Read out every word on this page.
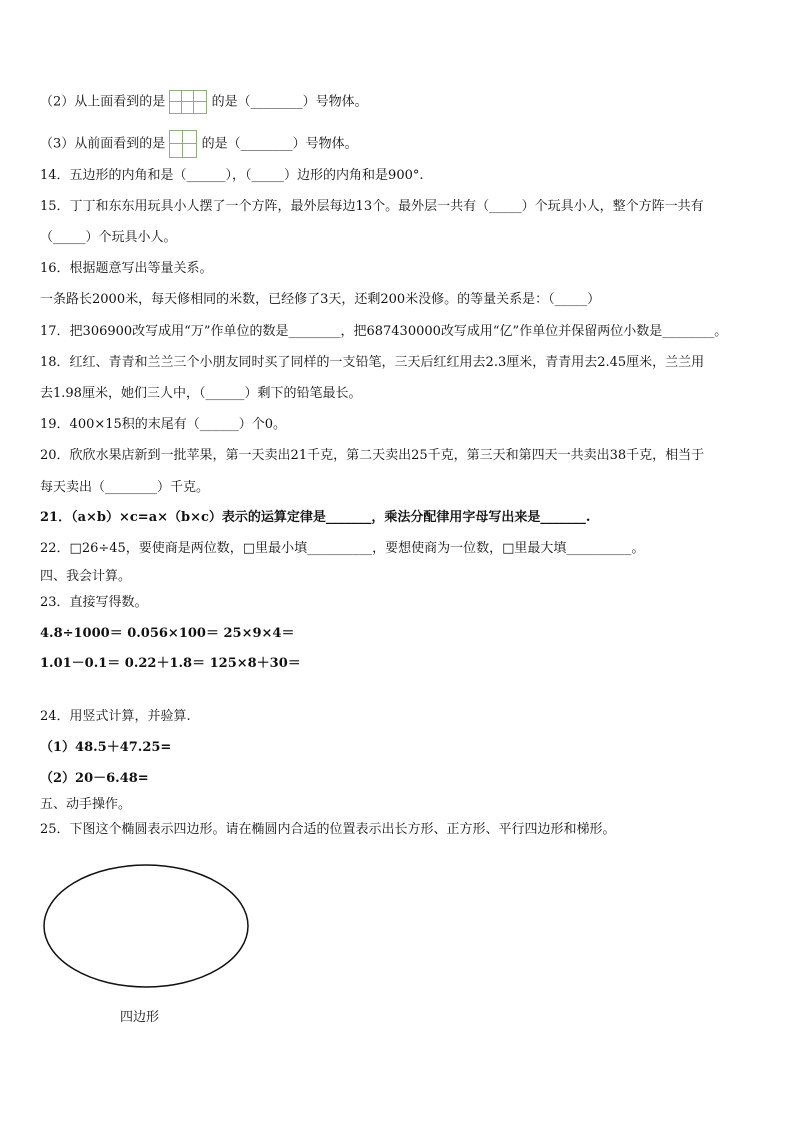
（2）从上面看到的是	的是（________）号物体。
（3）从前面看到的是	的是（________）号物体。
14．五边形的内角和是（______），（_____）边形的内角和是900°.
15．丁丁和东东用玩具小人摆了一个方阵，最外层每边13个。最外层一共有（_____）个玩具小人，整个方阵一共有
（_____）个玩具小人。
16．根据题意写出等量关系。
一条路长2000米，每天修相同的米数，已经修了3天，还剩200米没修。的等量关系是：（_____）
17．把306900改写成用“万”作单位的数是________，把687430000改写成用“亿”作单位并保留两位小数是________。
18．红红、青青和兰兰三个小朋友同时买了同样的一支铅笔，三天后红红用去2.3厘米，青青用去2.45厘米，兰兰用
去1.98厘米，她们三人中，（______）剩下的铅笔最长。
19．400×15积的末尾有（______）个0。
20．欣欣水果店新到一批苹果，第一天卖出21千克，第二天卖出25千克，第三天和第四天一共卖出38千克，相当于
每天卖出（________）千克。
21．（a×b）×c=a×（b×c）表示的运算定律是_______，乘法分配律用字母写出来是_______.
22．□26÷45，要使商是两位数，□里最小填__________，要想使商为一位数，□里最大填__________。
四、我会计算。
23．直接写得数。
4.8÷1000＝ 0.056×100＝ 25×9×4＝
1.01－0.1＝ 0.22＋1.8＝ 125×8＋30＝
24．用竖式计算，并验算.
（1）48.5＋47.25=
（2）20－6.48=
五、动手操作。
25．下图这个椭圆表示四边形。请在椭圆内合适的位置表示出长方形、正方形、平行四边形和梯形。
四边形
